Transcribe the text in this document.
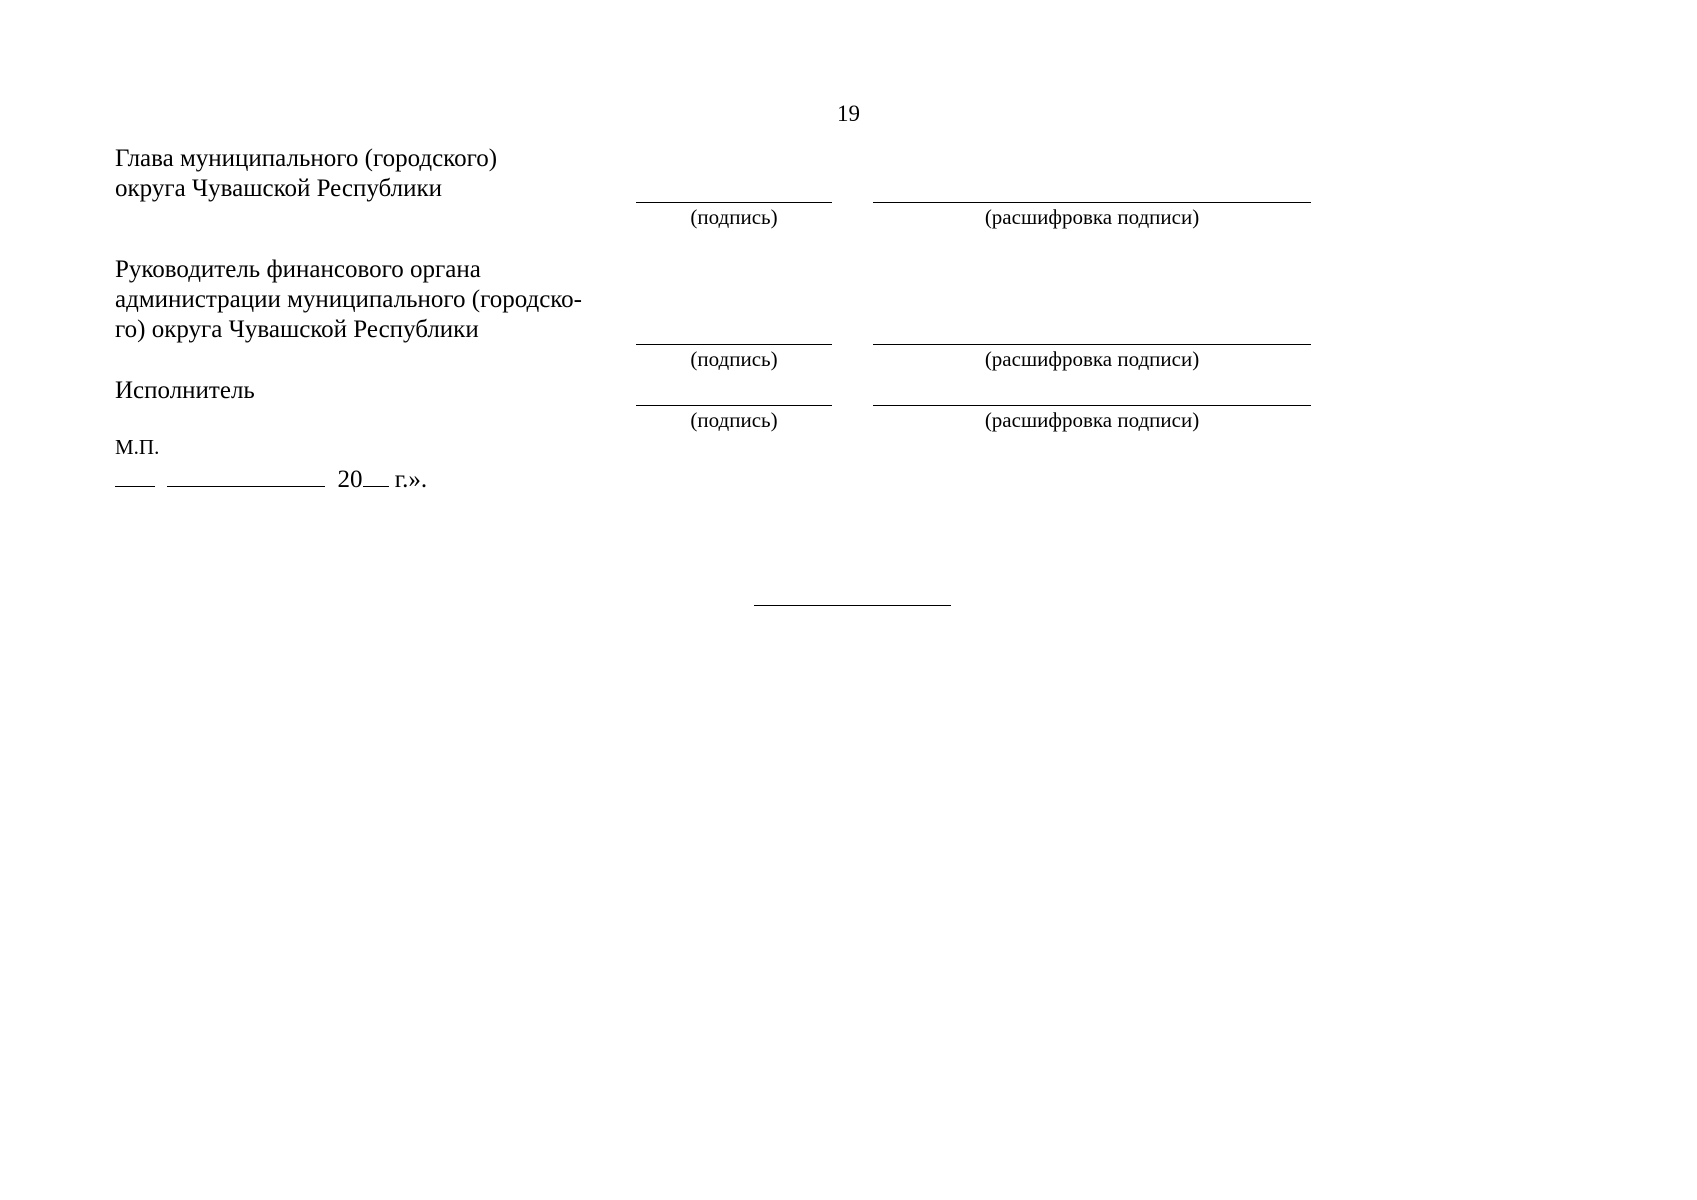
19
Глава муниципального (городского)
округа Чувашской Республики
(подпись)	(расшифровка подписи)
Руководитель финансового органа
администрации муниципального (городско-
го) округа Чувашской Республики
(подпись)	(расшифровка подписи)
Исполнитель
(подпись)	(расшифровка подписи)
М.П.
20 г.».
